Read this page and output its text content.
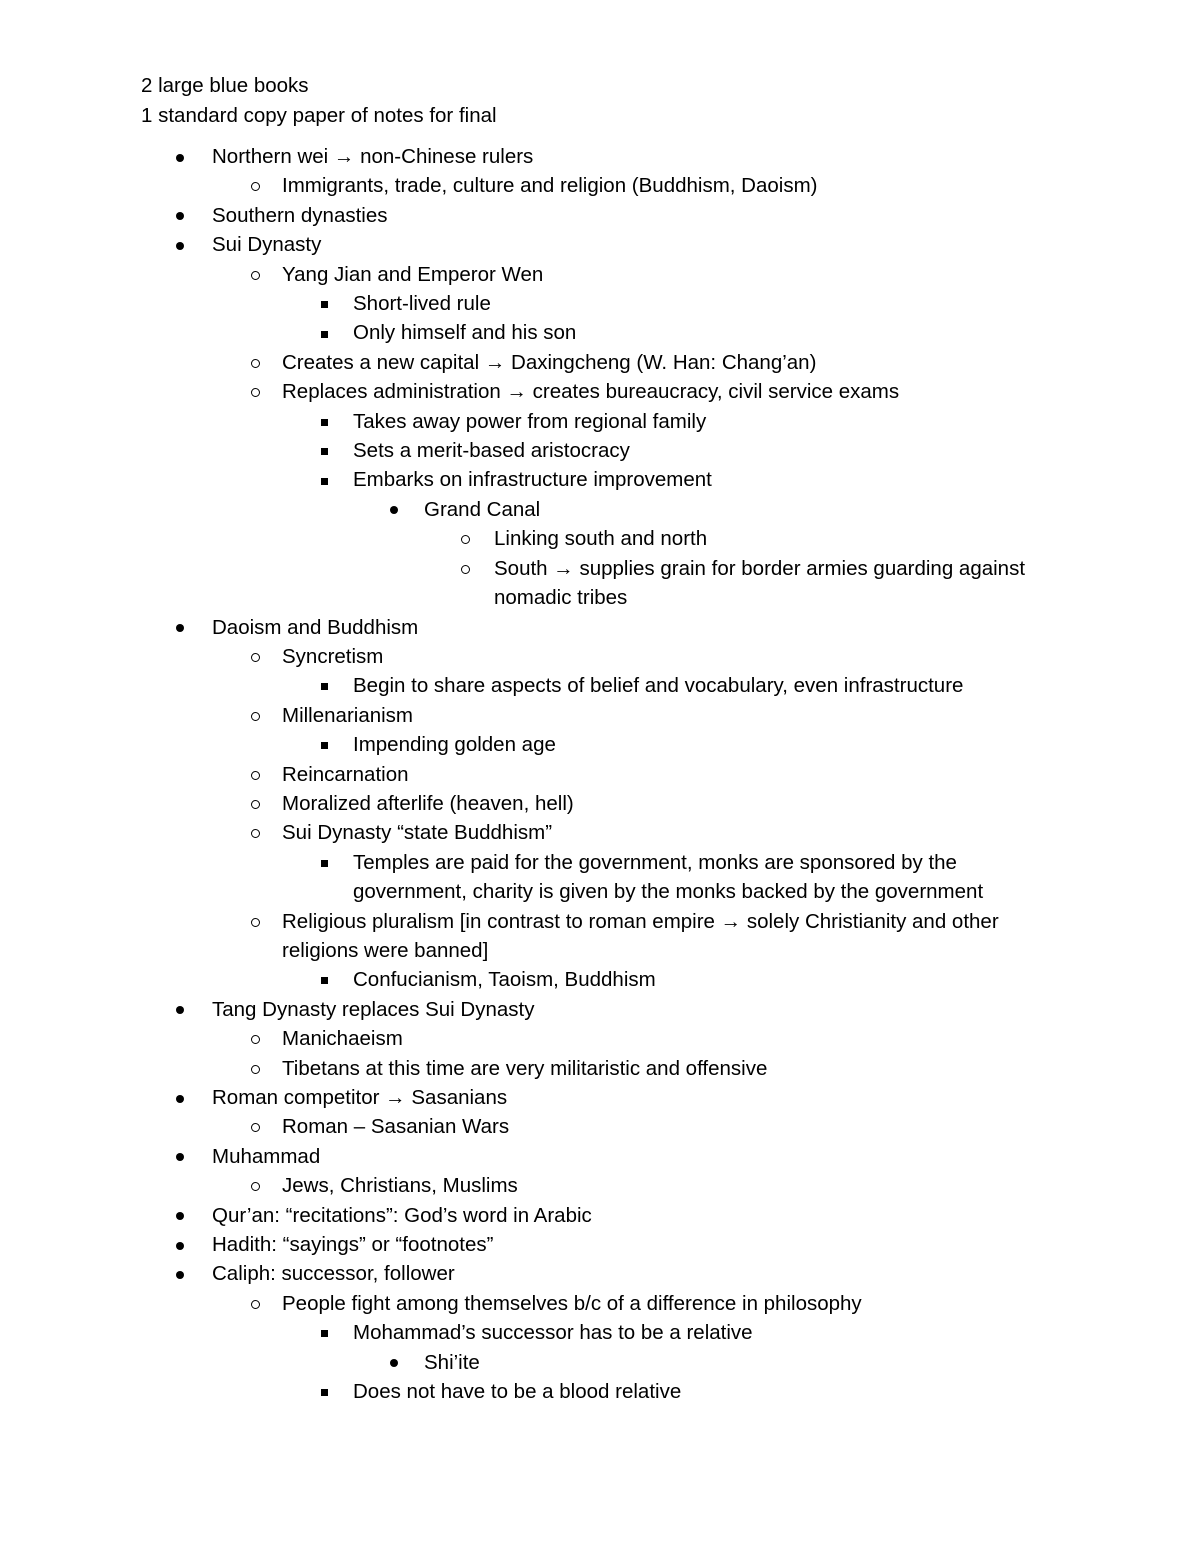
2 large blue books
1 standard copy paper of notes for final
Northern wei → non-Chinese rulers
Immigrants, trade, culture and religion (Buddhism, Daoism)
Southern dynasties
Sui Dynasty
Yang Jian and Emperor Wen
Short-lived rule
Only himself and his son
Creates a new capital → Daxingcheng (W. Han: Chang’an)
Replaces administration → creates bureaucracy, civil service exams
Takes away power from regional family
Sets a merit-based aristocracy
Embarks on infrastructure improvement
Grand Canal
Linking south and north
South → supplies grain for border armies guarding against nomadic tribes
Daoism and Buddhism
Syncretism
Begin to share aspects of belief and vocabulary, even infrastructure
Millenarianism
Impending golden age
Reincarnation
Moralized afterlife (heaven, hell)
Sui Dynasty “state Buddhism”
Temples are paid for the government, monks are sponsored by the government, charity is given by the monks backed by the government
Religious pluralism [in contrast to roman empire → solely Christianity and other religions were banned]
Confucianism, Taoism, Buddhism
Tang Dynasty replaces Sui Dynasty
Manichaeism
Tibetans at this time are very militaristic and offensive
Roman competitor → Sasanians
Roman – Sasanian Wars
Muhammad
Jews, Christians, Muslims
Qur’an: “recitations”: God’s word in Arabic
Hadith: “sayings” or “footnotes”
Caliph: successor, follower
People fight among themselves b/c of a difference in philosophy
Mohammad’s successor has to be a relative
Shi’ite
Does not have to be a blood relative
